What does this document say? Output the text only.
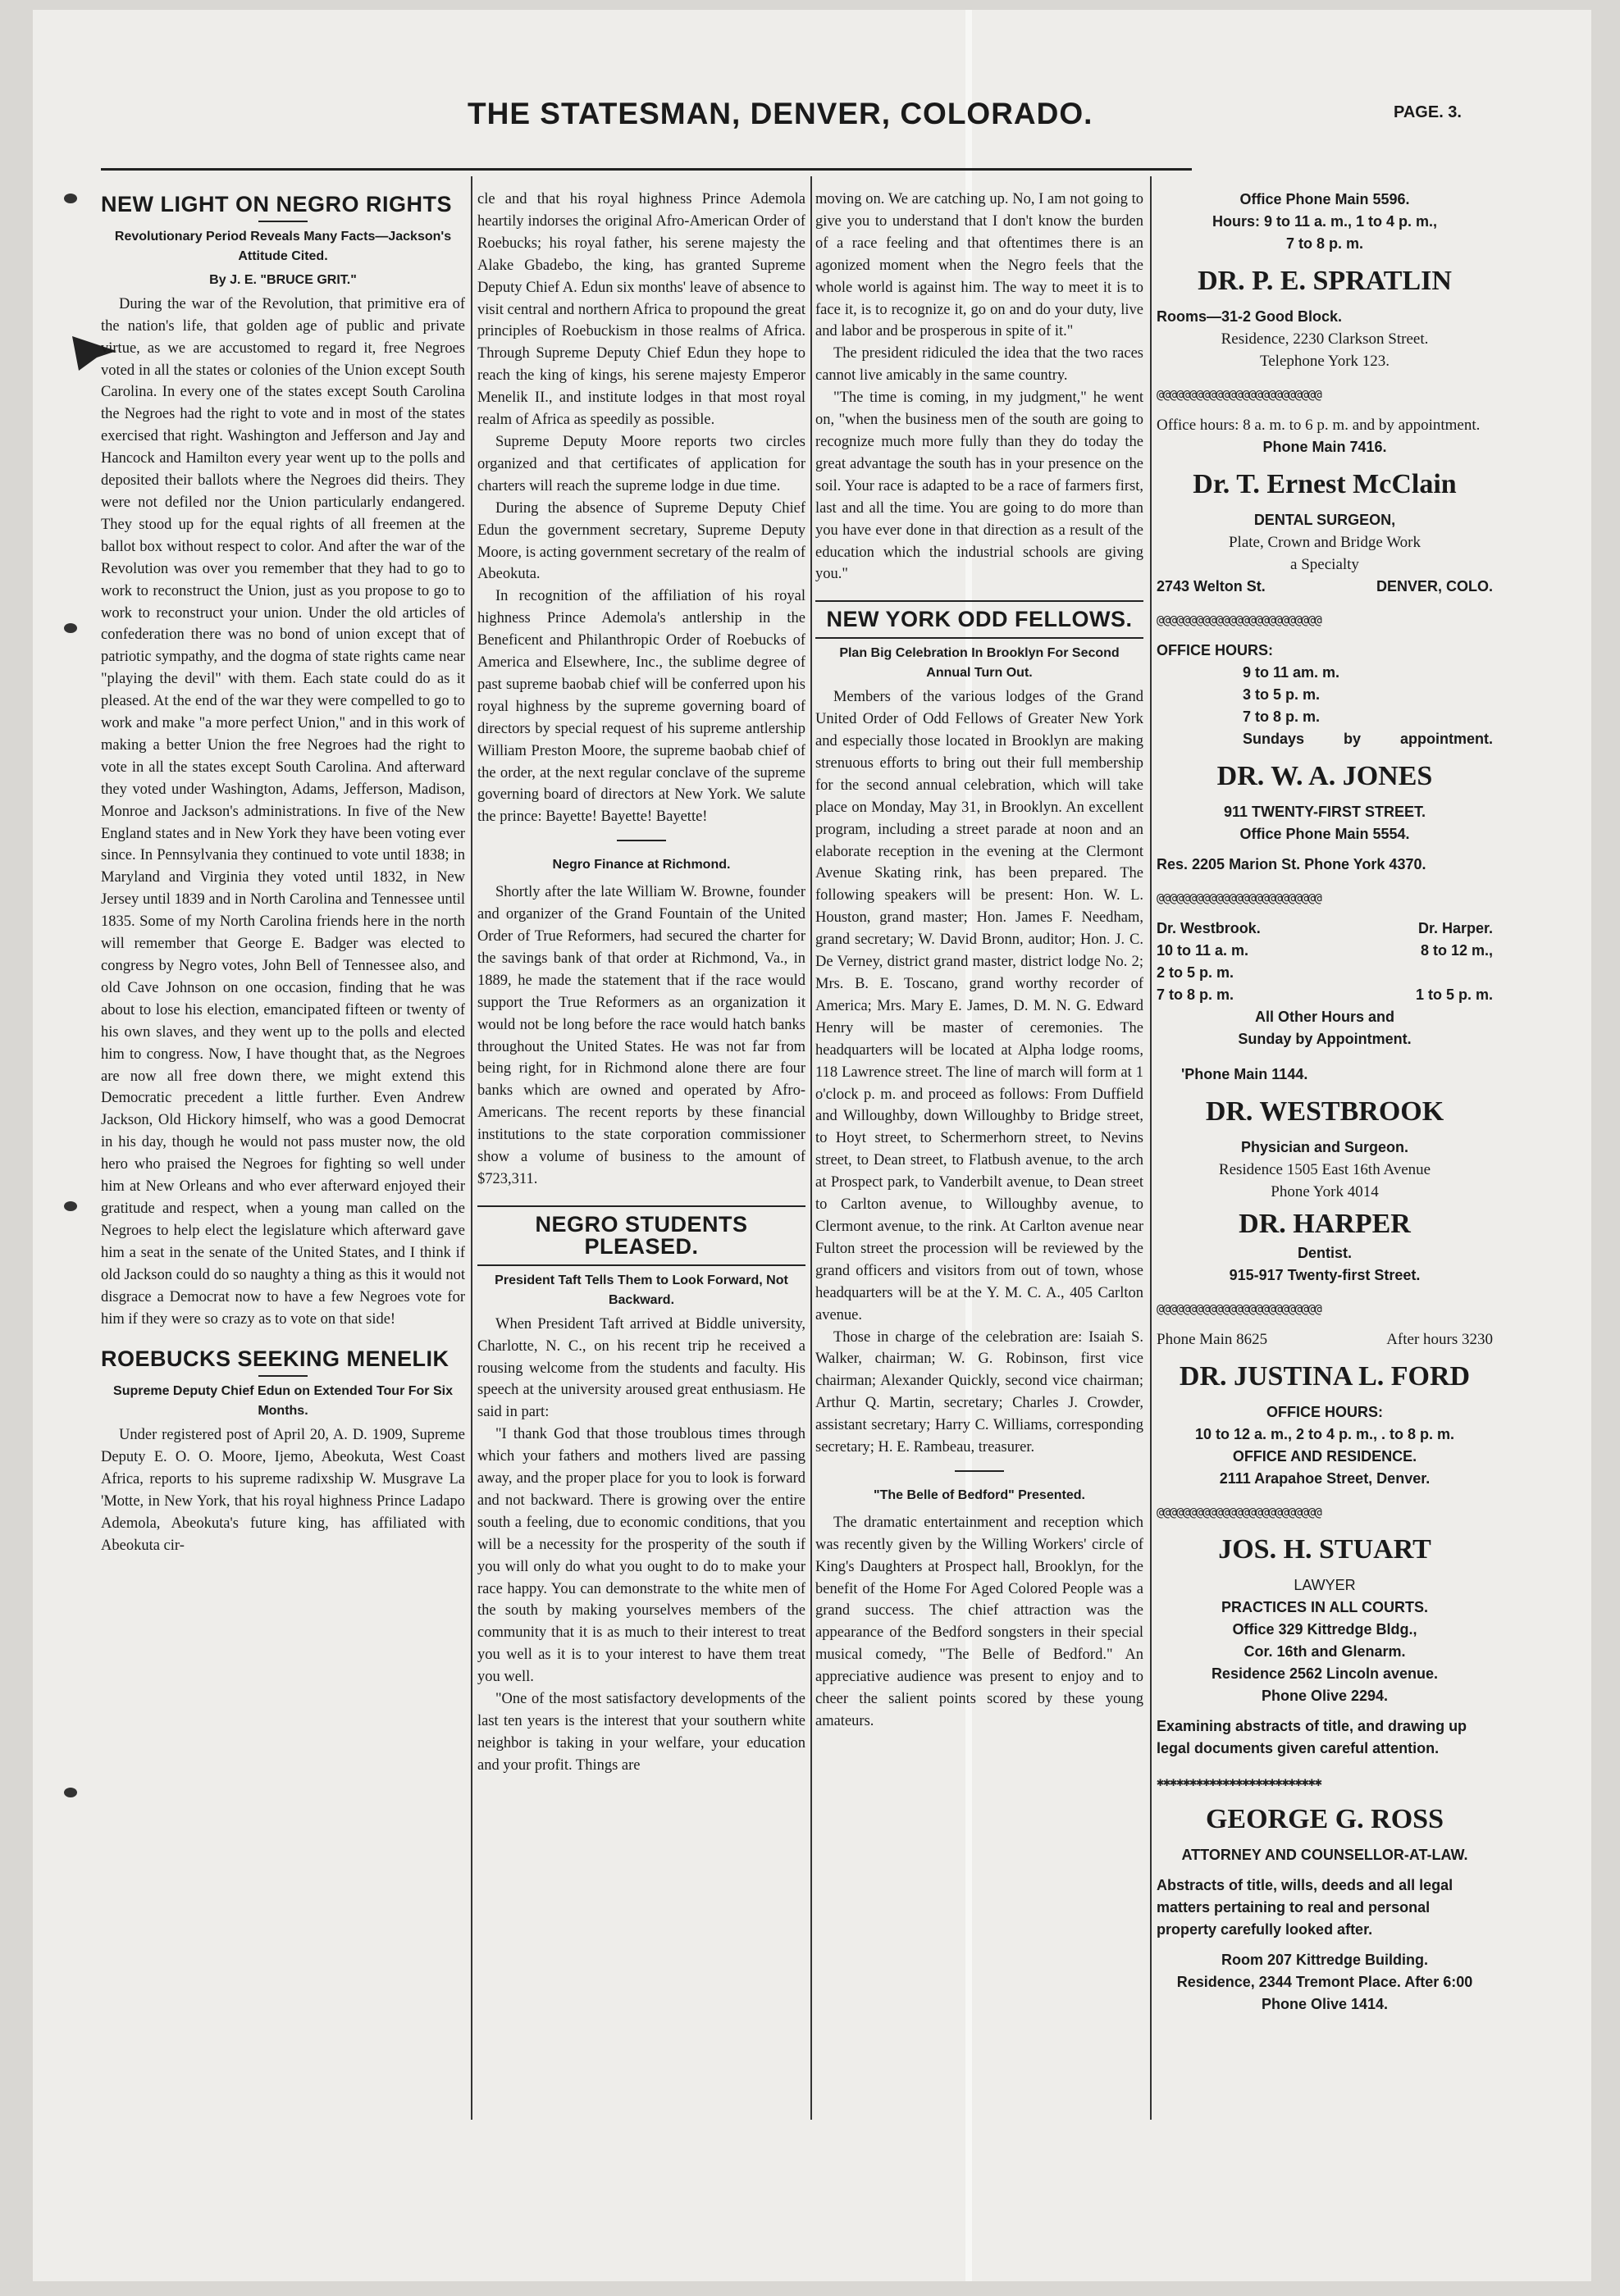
THE STATESMAN, DENVER, COLORADO.	PAGE. 3.
NEW LIGHT ON NEGRO RIGHTS
Revolutionary Period Reveals Many Facts—Jackson's Attitude Cited.
By J. E. "BRUCE GRIT."

During the war of the Revolution, that primitive era of the nation's life, that golden age of public and private virtue, as we are accustomed to regard it, free Negroes voted in all the states or colonies of the Union except South Carolina. In every one of the states except South Carolina the Negroes had the right to vote and in most of the states exercised that right. Washington and Jefferson and Jay and Hancock and Hamilton every year went up to the polls and deposited their ballots where the Negroes did theirs. They were not defiled nor the Union particularly endangered. They stood up for the equal rights of all freemen at the ballot box without respect to color. And after the war of the Revolution was over you remember that they had to go to work to reconstruct the Union, just as you propose to go to work to reconstruct your union. Under the old articles of confederation there was no bond of union except that of patriotic sympathy, and the dogma of state rights came near "playing the devil" with them. Each state could do as it pleased. At the end of the war they were compelled to go to work and make "a more perfect Union," and in this work of making a better Union the free Negroes had the right to vote in all the states except South Carolina. And afterward they voted under Washington, Adams, Jefferson, Madison, Monroe and Jackson's administrations. In five of the New England states and in New York they have been voting ever since. In Pennsylvania they continued to vote until 1838; in Maryland and Virginia they voted until 1832, in New Jersey until 1839 and in North Carolina and Tennessee until 1835. Some of my North Carolina friends here in the north will remember that George E. Badger was elected to congress by Negro votes, John Bell of Tennessee also, and old Cave Johnson on one occasion, finding that he was about to lose his election, emancipated fifteen or twenty of his own slaves, and they went up to the polls and elected him to congress. Now, I have thought that, as the Negroes are now all free down there, we might extend this Democratic precedent a little further. Even Andrew Jackson, Old Hickory himself, who was a good Democrat in his day, though he would not pass muster now, the old hero who praised the Negroes for fighting so well under him at New Orleans and who ever afterward enjoyed their gratitude and respect, when a young man called on the Negroes to help elect the legislature which afterward gave him a seat in the senate of the United States, and I think if old Jackson could do so naughty a thing as this it would not disgrace a Democrat now to have a few Negroes vote for him if they were so crazy as to vote on that side!

ROEBUCKS SEEKING MENELIK
Supreme Deputy Chief Edun on Extended Tour For Six Months.

Under registered post of April 20, A. D. 1909, Supreme Deputy E. O. O. Moore, Ijemo, Abeokuta, West Coast Africa, reports to his supreme radixship W. Musgrave La 'Motte, in New York, that his royal highness Prince Ladapo Ademola, Abeokuta's future king, has affiliated with Abeokuta cir-

cle and that his royal highness Prince Ademola heartily indorses the original Afro-American Order of Roebucks; his royal father, his serene majesty the Alake Gbadebo, the king, has granted Supreme Deputy Chief A. Edun six months' leave of absence to visit central and northern Africa to propound the great principles of Roebuckism in those realms of Africa. Through Supreme Deputy Chief Edun they hope to reach the king of kings, his serene majesty Emperor Menelik II., and institute lodges in that most royal realm of Africa as speedily as possible.

Supreme Deputy Moore reports two circles organized and that certificates of application for charters will reach the supreme lodge in due time.

During the absence of Supreme Deputy Chief Edun the government secretary, Supreme Deputy Moore, is acting government secretary of the realm of Abeokuta.

In recognition of the affiliation of his royal highness Prince Ademola's antlership in the Beneficent and Philanthropic Order of Roebucks of America and Elsewhere, Inc., the sublime degree of past supreme baobab chief will be conferred upon his royal highness by the supreme governing board of directors by special request of his supreme antlership William Preston Moore, the supreme baobab chief of the order, at the next regular conclave of the supreme governing board of directors at New York. We salute the prince: Bayette! Bayette! Bayette!

Negro Finance at Richmond.

Shortly after the late William W. Browne, founder and organizer of the Grand Fountain of the United Order of True Reformers, had secured the charter for the savings bank of that order at Richmond, Va., in 1889, he made the statement that if the race would support the True Reformers as an organization it would not be long before the race would hatch banks throughout the United States. He was not far from being right, for in Richmond alone there are four banks which are owned and operated by Afro-Americans. The recent reports by these financial institutions to the state corporation commissioner show a volume of business to the amount of $723,311.

NEGRO STUDENTS PLEASED.
President Taft Tells Them to Look Forward, Not Backward.

When President Taft arrived at Biddle university, Charlotte, N. C., on his recent trip he received a rousing welcome from the students and faculty. His speech at the university aroused great enthusiasm. He said in part:

"I thank God that those troublous times through which your fathers and mothers lived are passing away, and the proper place for you to look is forward and not backward. There is growing over the entire south a feeling, due to economic conditions, that you will be a necessity for the prosperity of the south if you will only do what you ought to do to make your race happy. You can demonstrate to the white men of the south by making yourselves members of the community that it is as much to their interest to treat you well as it is to your interest to have them treat you well.

"One of the most satisfactory developments of the last ten years is the interest that your southern white neighbor is taking in your welfare, your education and your profit. Things are

moving on. We are catching up. No, I am not going to give you to understand that I don't know the burden of a race feeling and that oftentimes there is an agonized moment when the Negro feels that the whole world is against him. The way to meet it is to face it, is to recognize it, go on and do your duty, live and labor and be prosperous in spite of it."

The president ridiculed the idea that the two races cannot live amicably in the same country.

"The time is coming, in my judgment," he went on, "when the business men of the south are going to recognize much more fully than they do today the great advantage the south has in your presence on the soil. Your race is adapted to be a race of farmers first, last and all the time. You are going to do more than you have ever done in that direction as a result of the education which the industrial schools are giving you."

NEW YORK ODD FELLOWS.
Plan Big Celebration In Brooklyn For Second Annual Turn Out.

Members of the various lodges of the Grand United Order of Odd Fellows of Greater New York and especially those located in Brooklyn are making strenuous efforts to bring out their full membership for the second annual celebration, which will take place on Monday, May 31, in Brooklyn. An excellent program, including a street parade at noon and an elaborate reception in the evening at the Clermont Avenue Skating rink, has been prepared. The following speakers will be present: Hon. W. L. Houston, grand master; Hon. James F. Needham, grand secretary; W. David Bronn, auditor; Hon. J. C. De Verney, district grand master, district lodge No. 2; Mrs. B. E. Toscano, grand worthy recorder of America; Mrs. Mary E. James, D. M. N. G. Edward Henry will be master of ceremonies. The headquarters will be located at Alpha lodge rooms, 118 Lawrence street. The line of march will form at 1 o'clock p. m. and proceed as follows: From Duffield and Willoughby, down Willoughby to Bridge street, to Hoyt street, to Schermerhorn street, to Nevins street, to Dean street, to Flatbush avenue, to the arch at Prospect park, to Vanderbilt avenue, to Dean street to Carlton avenue, to Willoughby avenue, to Clermont avenue, to the rink. At Carlton avenue near Fulton street the procession will be reviewed by the grand officers and visitors from out of town, whose headquarters will be at the Y. M. C. A., 405 Carlton avenue.

Those in charge of the celebration are: Isaiah S. Walker, chairman; W. G. Robinson, first vice chairman; Alexander Quickly, second vice chairman; Arthur Q. Martin, secretary; Charles J. Crowder, assistant secretary; Harry C. Williams, corresponding secretary; H. E. Rambeau, treasurer.

"The Belle of Bedford" Presented.

The dramatic entertainment and reception which was recently given by the Willing Workers' circle of King's Daughters at Prospect hall, Brooklyn, for the benefit of the Home For Aged Colored People was a grand success. The chief attraction was the appearance of the Bedford songsters in their special musical comedy, "The Belle of Bedford." An appreciative audience was present to enjoy and to cheer the salient points scored by these young amateurs.

Office Phone Main 5596.
Hours: 9 to 11 a. m., 1 to 4 p. m.,
7 to 8 p. m.
DR. P. E. SPRATLIN
Rooms—31-2 Good Block.
Residence, 2230 Clarkson Street.
Telephone York 123.
@@@@@@@@@@@@@@@@@@@@@@@@@
Office hours: 8 a. m. to 6 p. m. and by appointment.
Phone Main 7416.
Dr. T. Ernest McClain
DENTAL SURGEON,
Plate, Crown and Bridge Work
a Specialty
2743 Welton St.	DENVER, COLO.
@@@@@@@@@@@@@@@@@@@@@@@@@
OFFICE HOURS:
9 to 11 am. m.
3 to 5 p. m.
7 to 8 p. m.
Sundays	by	appointment.
DR. W. A. JONES
911 TWENTY-FIRST STREET.
Office Phone Main 5554.
Res. 2205 Marion St. Phone York 4370.
@@@@@@@@@@@@@@@@@@@@@@@@@
Dr. Westbrook.	Dr. Harper.
10 to 11 a. m.	8 to 12 m.,
2 to 5 p. m.
7 to 8 p. m.	1 to 5 p. m.
All Other Hours and
Sunday by Appointment.
'Phone Main 1144.
DR. WESTBROOK
Physician and Surgeon.
Residence 1505 East 16th Avenue
Phone York 4014
DR. HARPER
Dentist.
915-917 Twenty-first Street.
@@@@@@@@@@@@@@@@@@@@@@@@@
Phone Main 8625	After hours 3230
DR. JUSTINA L. FORD
OFFICE HOURS:
10 to 12 a. m., 2 to 4 p. m., . to 8 p. m.
OFFICE AND RESIDENCE.
2111 Arapahoe Street, Denver.
@@@@@@@@@@@@@@@@@@@@@@@@@
JOS. H. STUART
LAWYER
PRACTICES IN ALL COURTS.
Office 329 Kittredge Bldg.,
Cor. 16th and Glenarm.
Residence 2562 Lincoln avenue.
Phone Olive 2294.
Examining abstracts of title, and drawing up legal documents given careful attention.
✱✱✱✱✱✱✱✱✱✱✱✱✱✱✱✱✱✱✱✱✱✱✱✱✱
GEORGE G. ROSS
ATTORNEY AND COUNSELLOR-AT-LAW.
Abstracts of title, wills, deeds and all legal matters pertaining to real and personal property carefully looked after.
Room 207 Kittredge Building.
Residence, 2344 Tremont Place. After 6:00 Phone Olive 1414.
